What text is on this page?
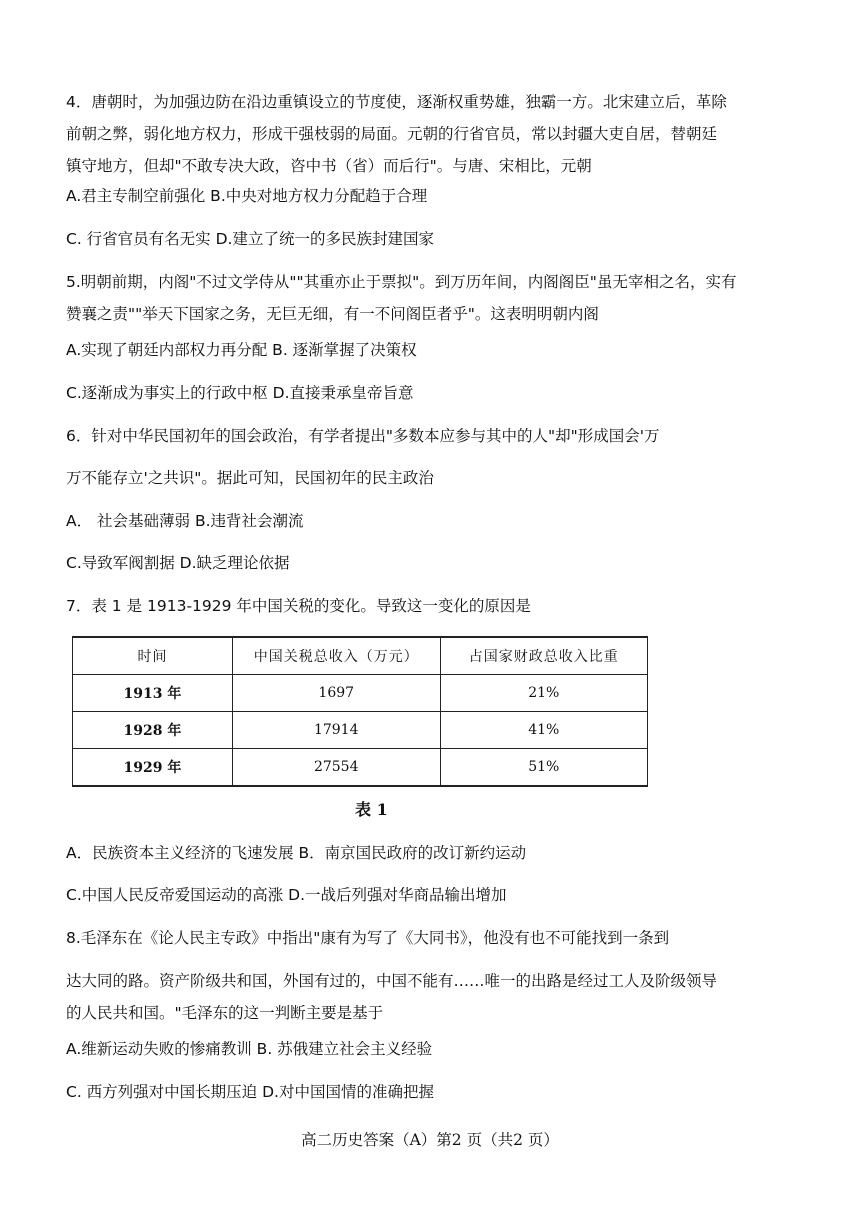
4．唐朝时，为加强边防在沿边重镇设立的节度使，逐渐权重势雄，独霸一方。北宋建立后，革除
前朝之弊，弱化地方权力，形成干强枝弱的局面。元朝的行省官员，常以封疆大吏自居，替朝廷
镇守地方，但却"不敢专决大政，咨中书（省）而后行"。与唐、宋相比，元朝
A.君主专制空前强化 B.中央对地方权力分配趋于合理
C. 行省官员有名无实 D.建立了统一的多民族封建国家
5.明朝前期，内阁"不过文学侍从""其重亦止于票拟"。到万历年间，内阁阁臣"虽无宰相之名，实有
赞襄之责""举天下国家之务，无巨无细，有一不问阁臣者乎"。这表明明朝内阁
A.实现了朝廷内部权力再分配 B. 逐渐掌握了决策权
C.逐渐成为事实上的行政中枢 D.直接秉承皇帝旨意
6．针对中华民国初年的国会政治，有学者提出"多数本应参与其中的人"却"形成国会'万
万不能存立'之共识"。据此可知，民国初年的民主政治
A． 社会基础薄弱 B.违背社会潮流
C.导致军阀割据 D.缺乏理论依据
7．表 1 是 1913-1929 年中国关税的变化。导致这一变化的原因是
时间	中国关税总收入（万元）	占国家财政总收入比重
1913 年	1697	21%
1928 年	17914	41%
1929 年	27554	51%
表 1
A．民族资本主义经济的飞速发展 B．南京国民政府的改订新约运动
C.中国人民反帝爱国运动的高涨 D.一战后列强对华商品输出增加
8.毛泽东在《论人民主专政》中指出"康有为写了《大同书》，他没有也不可能找到一条到
达大同的路。资产阶级共和国，外国有过的，中国不能有……唯一的出路是经过工人及阶级领导
的人民共和国。"毛泽东的这一判断主要是基于
A.维新运动失败的惨痛教训 B. 苏俄建立社会主义经验
C. 西方列强对中国长期压迫 D.对中国国情的准确把握
高二历史答案（A）第2 页（共2 页）
